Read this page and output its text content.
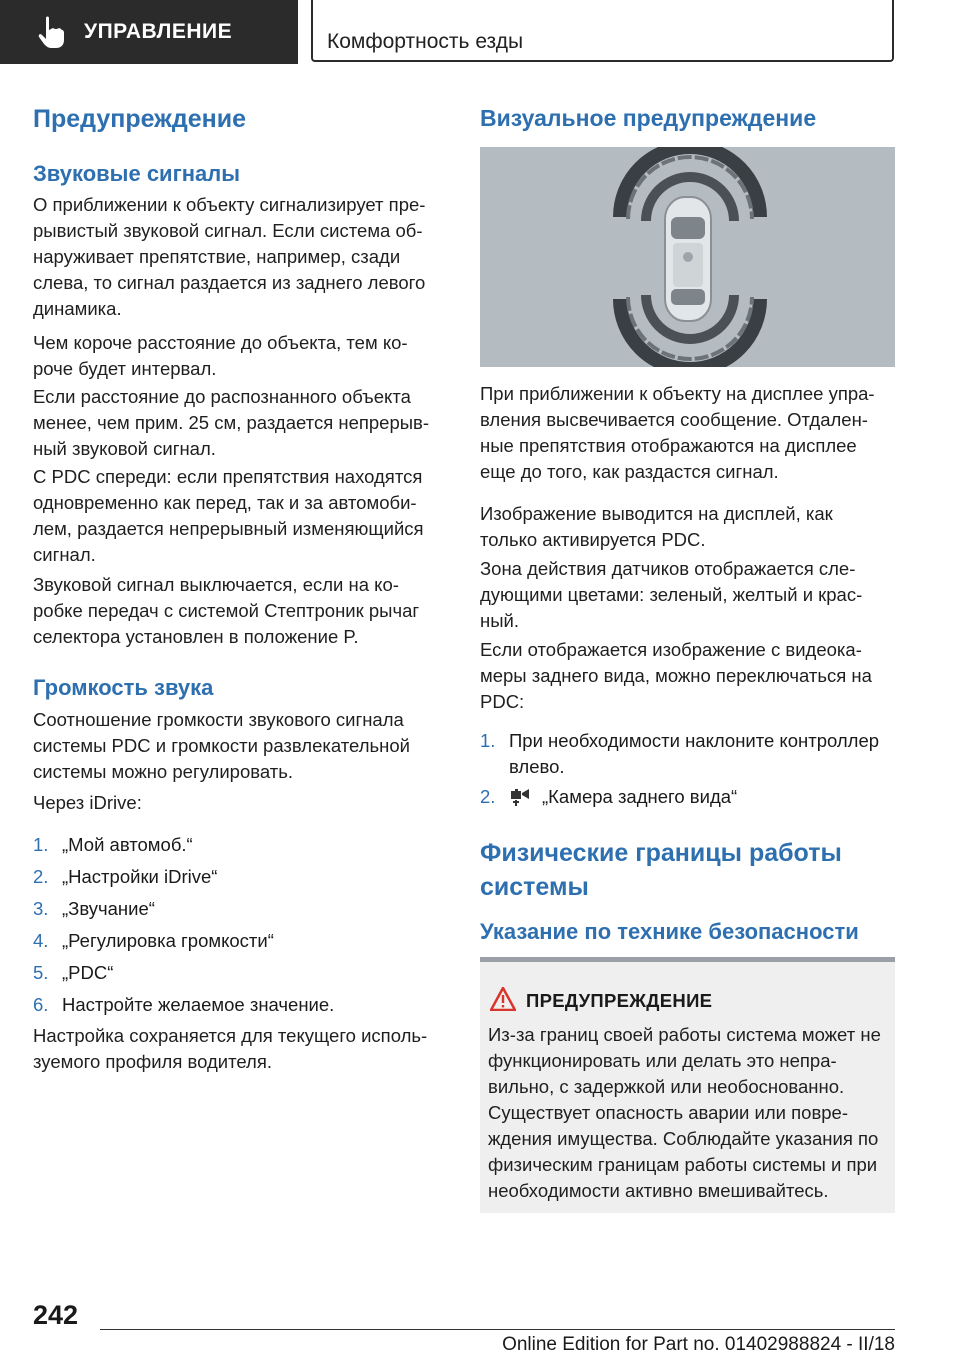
УПРАВЛЕНИЕ	Комфортность езды
Предупреждение
Звуковые сигналы

О приближении к объекту сигнализирует пре- рывистый звуковой сигнал. Если система об- наруживает препятствие, например, сзади слева, то сигнал раздается из заднего левого динамика.

Чем короче расстояние до объекта, тем ко- роче будет интервал.

Если расстояние до распознанного объекта менее, чем прим. 25 см, раздается непрерыв- ный звуковой сигнал.

С PDC спереди: если препятствия находятся одновременно как перед, так и за автомоби- лем, раздается непрерывный изменяющийся сигнал.

Звуковой сигнал выключается, если на ко- робке передач с системой Стептроник рычаг селектора установлен в положение P.

Громкость звука

Соотношение громкости звукового сигнала системы PDC и громкости развлекательной системы можно регулировать.

Через iDrive:

1. „Мой автомоб.“
2. „Настройки iDrive“
3. „Звучание“
4. „Регулировка громкости“
5. „PDC“
6. Настройте желаемое значение.

Настройка сохраняется для текущего исполь- зуемого профиля водителя.

Визуальное предупреждение

При приближении к объекту на дисплее упра- вления высвечивается сообщение. Отдален- ные препятствия отображаются на дисплее еще до того, как раздастся сигнал.

Изображение выводится на дисплей, как только активируется PDC.

Зона действия датчиков отображается сле- дующими цветами: зеленый, желтый и крас- ный.

Если отображается изображение с видеока- меры заднего вида, можно переключаться на PDC:

1. При необходимости наклоните контроллер влево.
2.	„Камера заднего вида“
Физические границы работы системы
Указание по технике безопасности
ПРЕДУПРЕЖДЕНИЕ

Из-за границ своей работы система может не функционировать или делать это непра- вильно, с задержкой или необоснованно. Существует опасность аварии или повре- ждения имущества. Соблюдайте указания по физическим границам работы системы и при необходимости активно вмешивайтесь.

242
Online Edition for Part no. 01402988824 - II/18
